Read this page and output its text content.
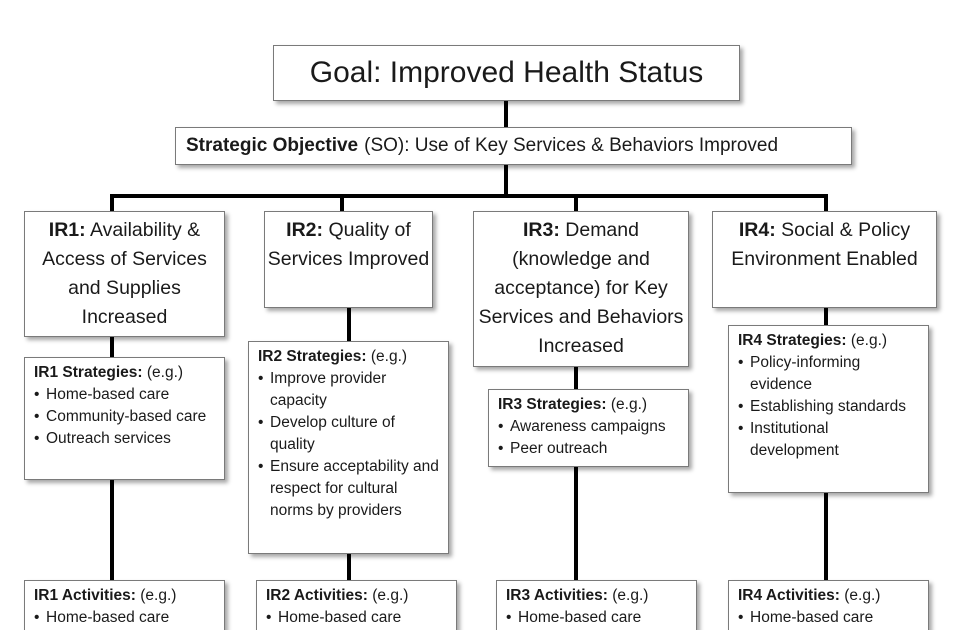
Goal: Improved Health Status
Strategic Objective (SO): Use of Key Services & Behaviors Improved
IR1: Availability & Access of Services and Supplies Increased
IR2: Quality of Services Improved
IR3: Demand (knowledge and acceptance) for Key Services and Behaviors Increased
IR4: Social & Policy Environment Enabled
IR1 Strategies: (e.g.)
• Home-based care
• Community-based care
• Outreach services
IR2 Strategies: (e.g.)
• Improve provider capacity
• Develop culture of quality
• Ensure acceptability and respect for cultural norms by providers
IR3 Strategies: (e.g.)
• Awareness campaigns
• Peer outreach
IR4 Strategies: (e.g.)
• Policy-informing evidence
• Establishing standards
• Institutional development
IR1 Activities: (e.g.)
• Home-based care
IR2 Activities: (e.g.)
• Home-based care
IR3 Activities: (e.g.)
• Home-based care
IR4 Activities: (e.g.)
• Home-based care
